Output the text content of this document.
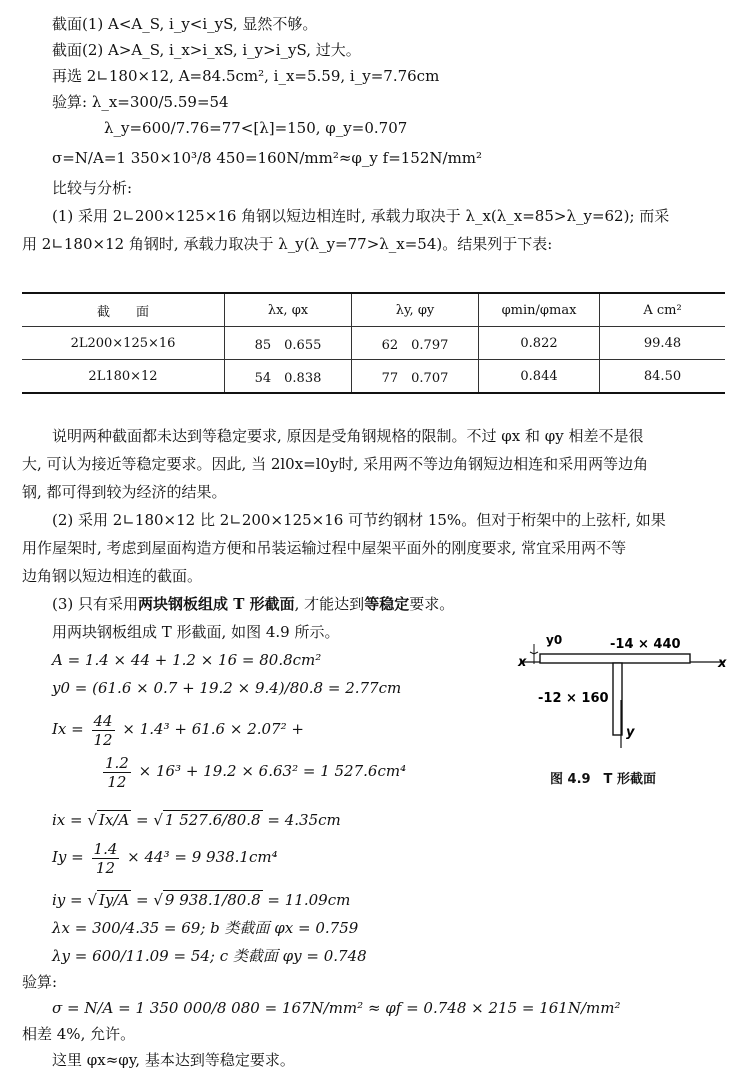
截面(1) A<A_S, i_y<i_yS, 显然不够。
截面(2) A>A_S, i_x>i_xS, i_y>i_yS, 过大。
再选 2∟180×12, A=84.5cm², i_x=5.59, i_y=7.76cm
验算: λ_x=300/5.59=54
λ_y=600/7.76=77<[λ]=150, φ_y=0.707
σ=N/A=1 350×10³/8 450=160N/mm²≈φ_y f=152N/mm²
比较与分析:
(1) 采用 2∟200×125×16 角钢以短边相连时, 承载力取决于 λ_x(λ_x=85>λ_y=62); 而采
用 2∟180×12 角钢时, 承载力取决于 λ_y(λ_y=77>λ_x=54)。结果列于下表:
截　　面	λx, φx	λy, φy	φmin/φmax	A cm²
2L200×125×16	85　0.655	62　0.797	0.822	99.48
2L180×12	54　0.838	77　0.707	0.844	84.50
说明两种截面都未达到等稳定要求, 原因是受角钢规格的限制。不过 φx 和 φy 相差不是很
大, 可认为接近等稳定要求。因此, 当 2l0x=l0y时, 采用两不等边角钢短边相连和采用两等边角
钢, 都可得到较为经济的结果。
(2) 采用 2∟180×12 比 2∟200×125×16 可节约钢材 15%。但对于桁架中的上弦杆, 如果
用作屋架时, 考虑到屋面构造方便和吊装运输过程中屋架平面外的刚度要求, 常宜采用两不等
边角钢以短边相连的截面。
(3) 只有采用两块钢板组成 T 形截面, 才能达到等稳定要求。
用两块钢板组成 T 形截面, 如图 4.9 所示。
A = 1.4 × 44 + 1.2 × 16 = 80.8cm²
y0 = (61.6 × 0.7 + 19.2 × 9.4)/80.8 = 2.77cm
$Ix = \frac{44}{12} \times 1.4^3 + 61.6 \times 2.07^2$ +
$\frac{1.2}{12} \times 16^3 + 19.2 \times 6.63^2 = 1$ 527.6cm⁴
ix = √ Ix/A = √ 1 527.6/80.8 = 4.35cm
$Iy = \frac{1.4}{12} \times 44^3 = 9$ 938.1cm⁴
iy = √ Iy/A = √ 9 938.1/80.8 = 11.09cm
λx = 300/4.35 = 69; b 类截面 φx = 0.759
λy = 600/11.09 = 54; c 类截面 φy = 0.748
验算:
σ = N/A = 1 350 000/8 080 = 167N/mm² ≈ φf = 0.748 × 215 = 161N/mm²
相差 4%, 允许。
这里 φx≈φy, 基本达到等稳定要求。
y0
x	x
y
-14 × 440
-12 × 160
图 4.9　T 形截面
